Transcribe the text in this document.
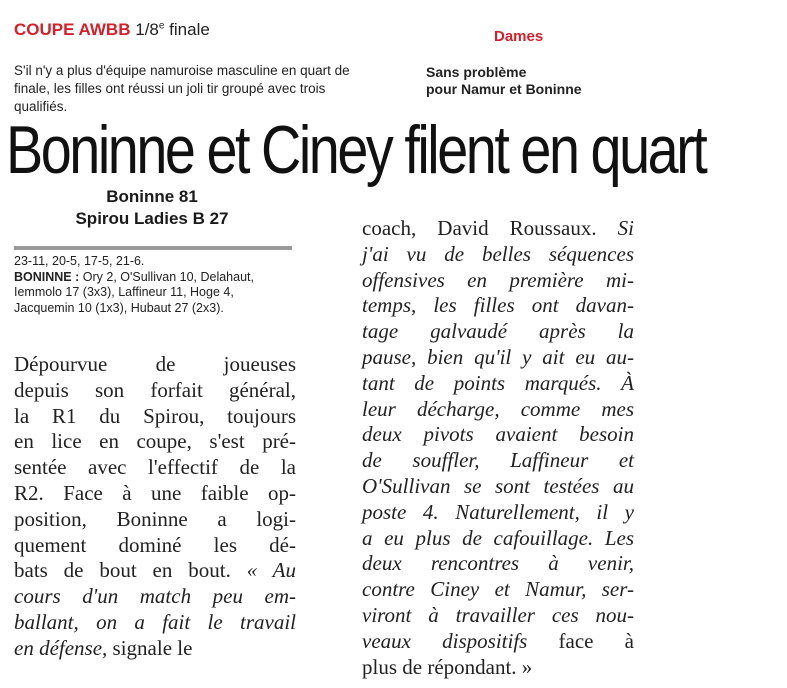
COUPE AWBB 1/8e finale	Dames
S'il n'y a plus d'équipe namuroise masculine en quart de
finale, les filles ont réussi un joli tir groupé avec trois qualifiés.
Sans problème
pour Namur et Boninne
Boninne et Ciney filent en quart
Boninne 81
Spirou Ladies B 27
23-11, 20-5, 17-5, 21-6.
BONINNE : Ory 2, O'Sullivan 10, Delahaut,
Iemmolo 17 (3x3), Laffineur 11, Hoge 4,
Jacquemin 10 (1x3), Hubaut 27 (2x3).
Dépourvue de joueuses
depuis son forfait général,
la R1 du Spirou, toujours
en lice en coupe, s'est pré-
sentée avec l'effectif de la
R2. Face à une faible op-
position, Boninne a logi-
quement dominé les dé-
bats de bout en bout. « Au
cours d'un match peu em-
ballant, on a fait le travail
en défense, signale le
coach, David Roussaux. Si
j'ai vu de belles séquences
offensives en première mi-
temps, les filles ont davan-
tage galvaudé après la
pause, bien qu'il y ait eu au-
tant de points marqués. À
leur décharge, comme mes
deux pivots avaient besoin
de souffler, Laffineur et
O'Sullivan se sont testées au
poste 4. Naturellement, il y
a eu plus de cafouillage. Les
deux rencontres à venir,
contre Ciney et Namur, ser-
viront à travailler ces nou-
veaux dispositifs face à
plus de répondant. »
